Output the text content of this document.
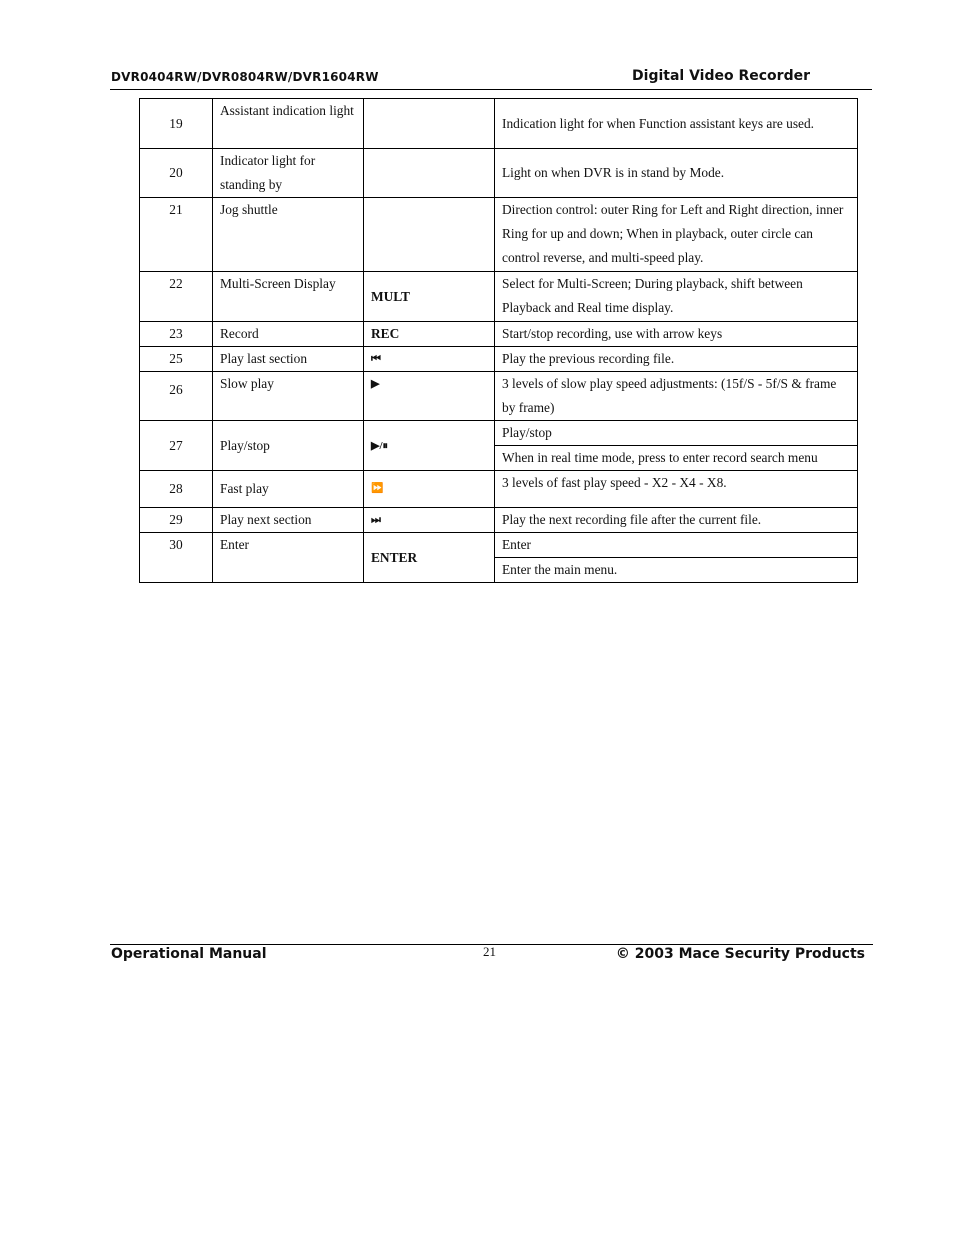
DVR0404RW/DVR0804RW/DVR1604RW	Digital Video Recorder
19	Assistant indication light		Indication light for when Function assistant keys are used.
20	Indicator light for standing by		Light on when DVR is in stand by Mode.
21	Jog shuttle		Direction control: outer Ring for Left and Right direction, inner Ring for up and down; When in playback, outer circle can control reverse, and multi-speed play.
22	Multi-Screen Display	MULT	Select for Multi-Screen; During playback, shift between Playback and Real time display.
23	Record	REC	Start/stop recording, use with arrow keys
25	Play last section	⏮	Play the previous recording file.
26	Slow play	▶	3 levels of slow play speed adjustments: (15f/S - 5f/S & frame by frame)
27	Play/stop	▶/⏸	Play/stop
			When in real time mode, press to enter record search menu
28	Fast play	⏩	3 levels of fast play speed - X2 - X4 - X8.
29	Play next section	⏭	Play the next recording file after the current file.
30	Enter	ENTER	Enter
			Enter the main menu.
Operational Manual	21	© 2003 Mace Security Products
